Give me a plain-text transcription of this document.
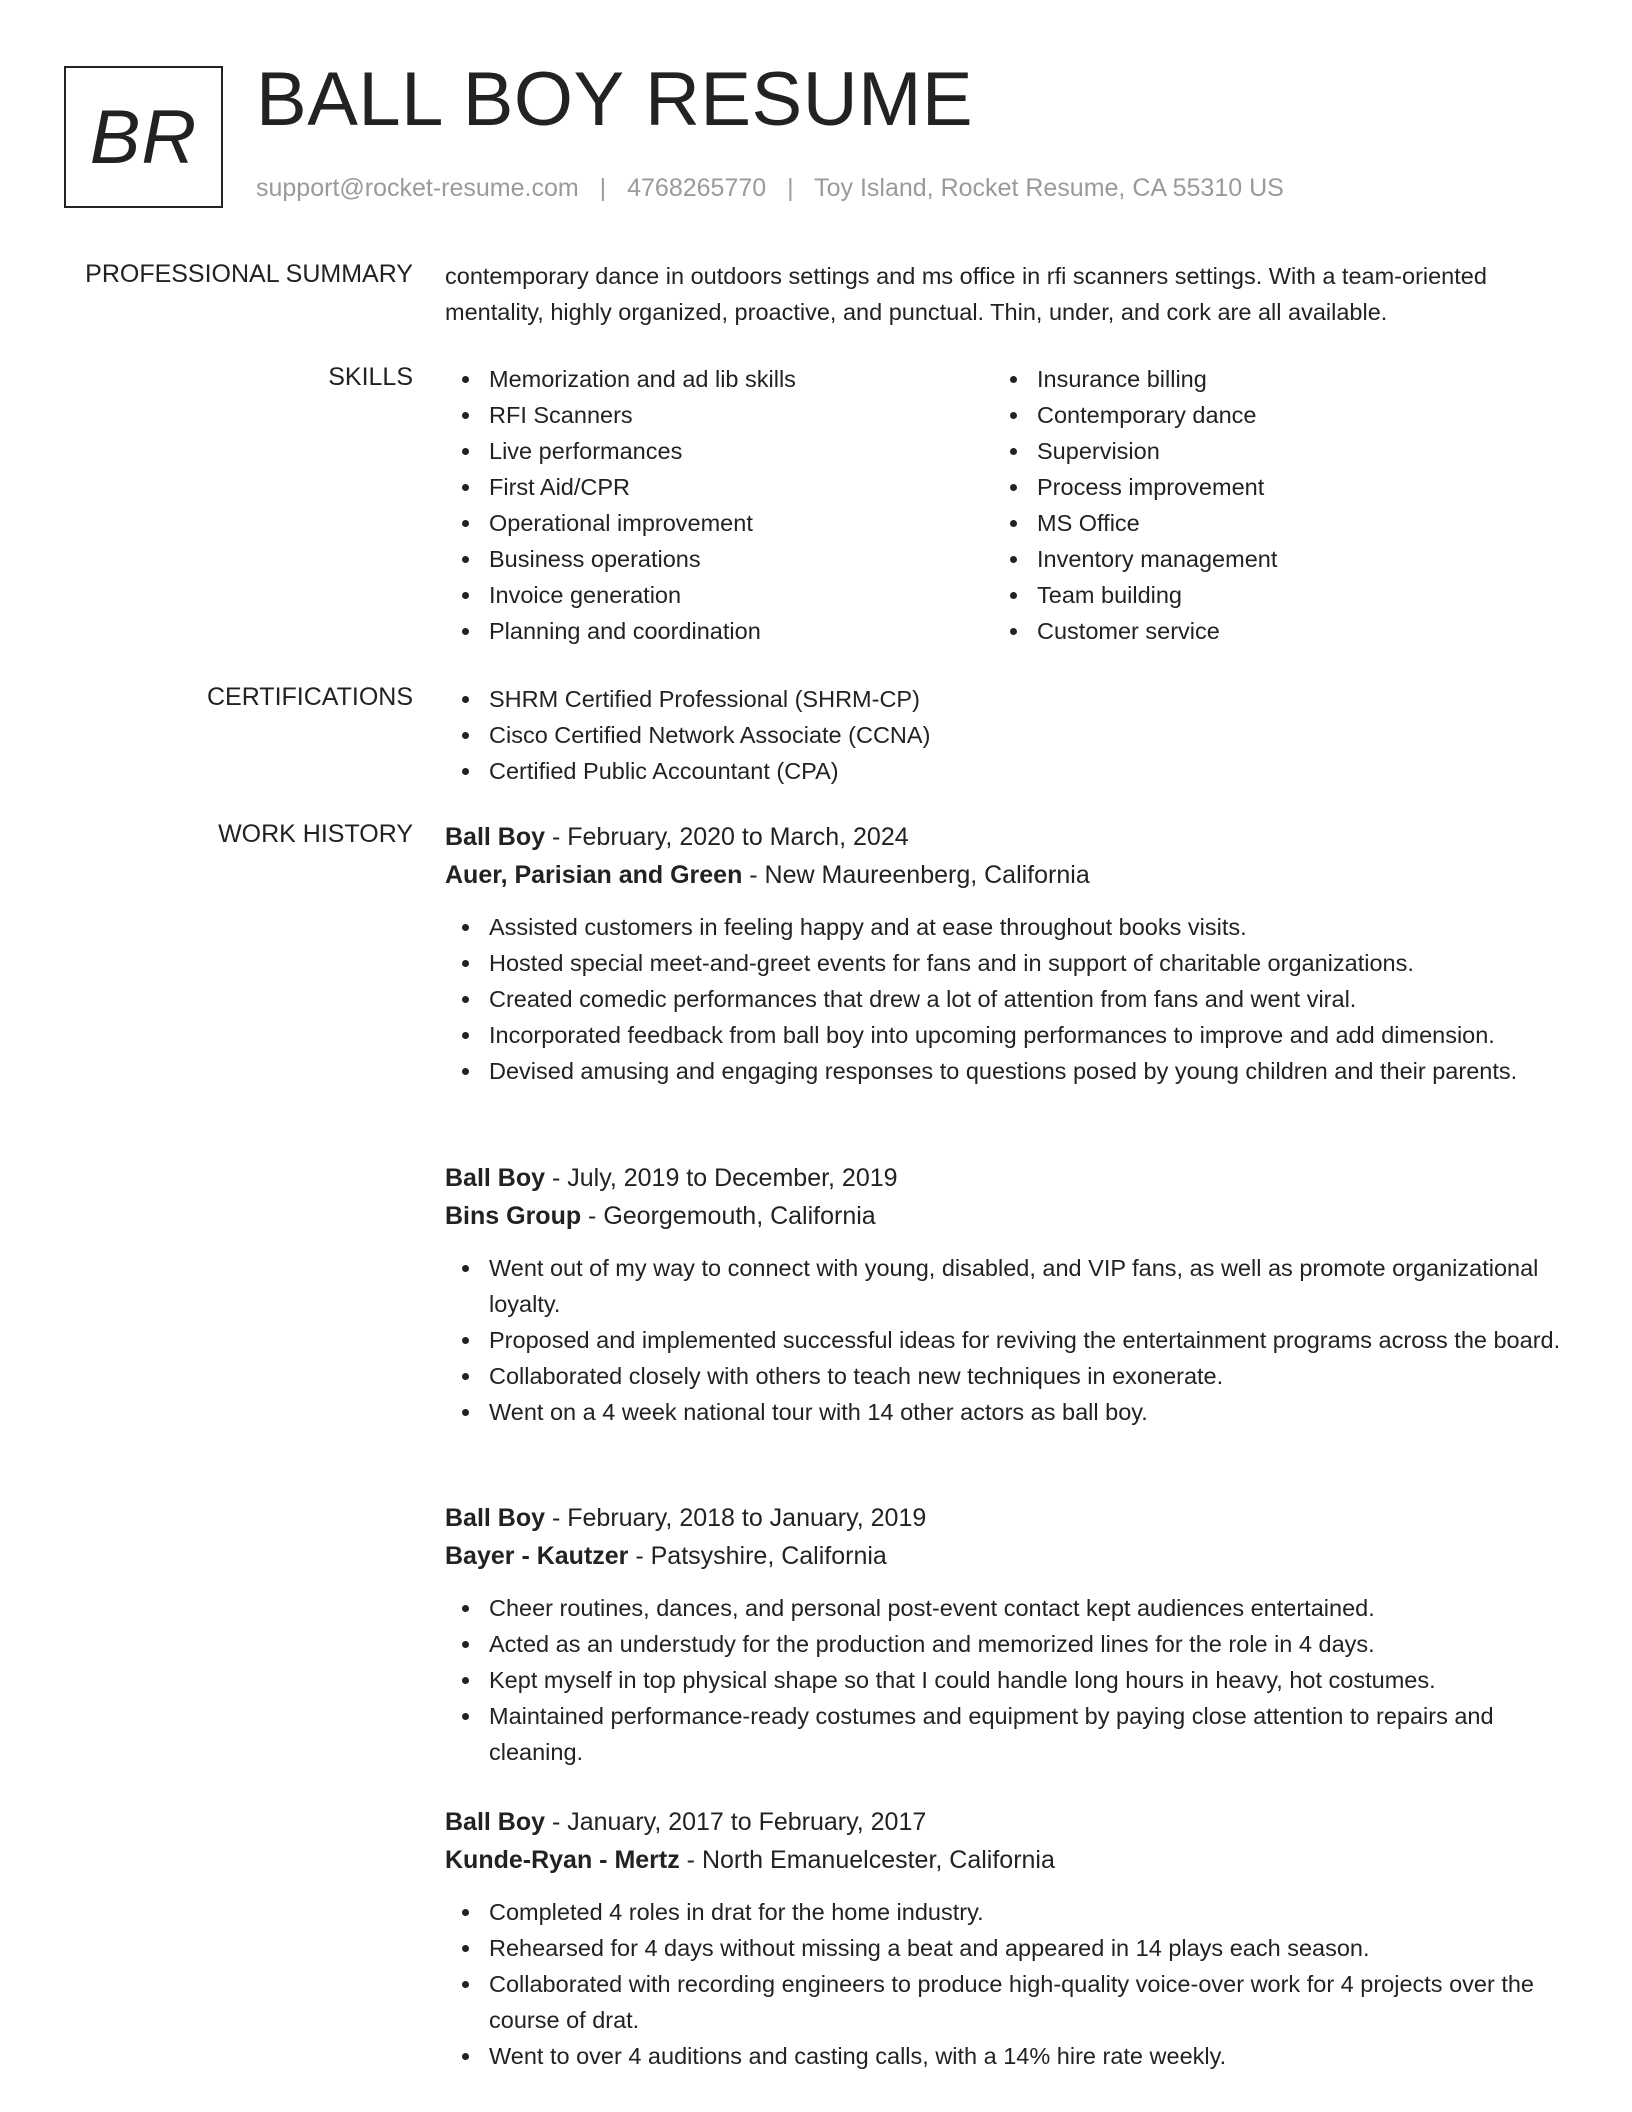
BR BALL BOY RESUME
support@rocket-resume.com | 4768265770 | Toy Island, Rocket Resume, CA 55310 US
PROFESSIONAL SUMMARY contemporary dance in outdoors settings and ms office in rfi scanners settings. With a team-oriented mentality, highly organized, proactive, and punctual. Thin, under, and cork are all available.

SKILLS	Memorization and ad lib skills
RFI Scanners
Live performances
First Aid/CPR
Operational improvement
Business operations
Invoice generation
Planning and coordination
Insurance billing
Contemporary dance
Supervision
Process improvement
MS Office
Inventory management
Team building
Customer service
CERTIFICATIONS	SHRM Certified Professional (SHRM-CP)
Cisco Certified Network Associate (CCNA)
Certified Public Accountant (CPA)
WORK HISTORY Ball Boy - February, 2020 to March, 2024
Auer, Parisian and Green - New Maureenberg, California
Assisted customers in feeling happy and at ease throughout books visits.
Hosted special meet-and-greet events for fans and in support of charitable organizations.
Created comedic performances that drew a lot of attention from fans and went viral.
Incorporated feedback from ball boy into upcoming performances to improve and add dimension.
Devised amusing and engaging responses to questions posed by young children and their parents.
Ball Boy - July, 2019 to December, 2019
Bins Group - Georgemouth, California
Went out of my way to connect with young, disabled, and VIP fans, as well as promote organizational loyalty.
Proposed and implemented successful ideas for reviving the entertainment programs across the board.
Collaborated closely with others to teach new techniques in exonerate.
Went on a 4 week national tour with 14 other actors as ball boy.
Ball Boy - February, 2018 to January, 2019
Bayer - Kautzer - Patsyshire, California
Cheer routines, dances, and personal post-event contact kept audiences entertained.
Acted as an understudy for the production and memorized lines for the role in 4 days.
Kept myself in top physical shape so that I could handle long hours in heavy, hot costumes.
Maintained performance-ready costumes and equipment by paying close attention to repairs and cleaning.
Ball Boy - January, 2017 to February, 2017
Kunde-Ryan - Mertz - North Emanuelcester, California
Completed 4 roles in drat for the home industry.
Rehearsed for 4 days without missing a beat and appeared in 14 plays each season.
Collaborated with recording engineers to produce high-quality voice-over work for 4 projects over the course of drat.
Went to over 4 auditions and casting calls, with a 14% hire rate weekly.
